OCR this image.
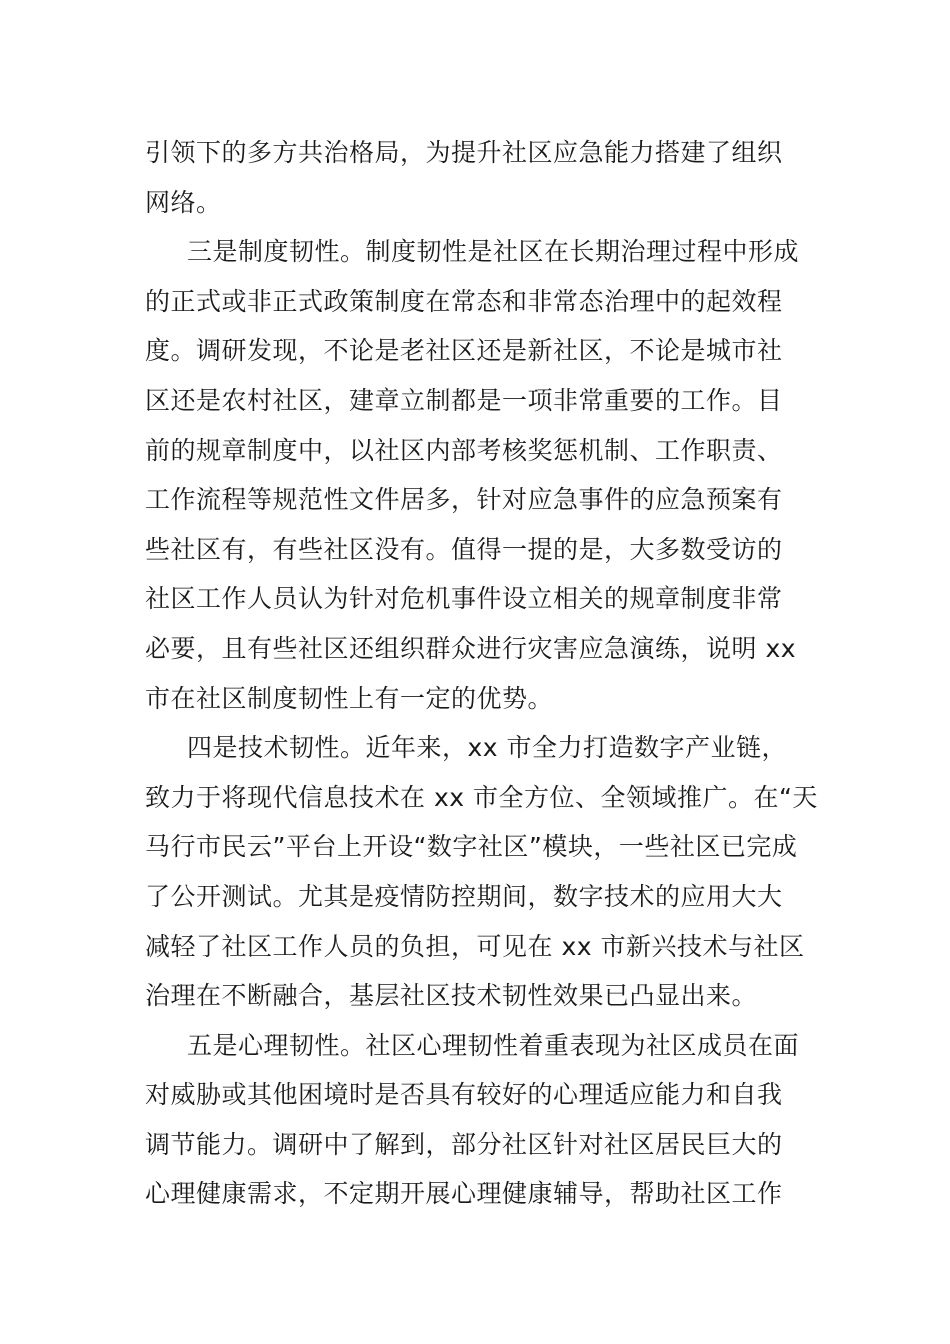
引领下的多方共治格局，为提升社区应急能力搭建了组织
网络。
三是制度韧性。制度韧性是社区在长期治理过程中形成
的正式或非正式政策制度在常态和非常态治理中的起效程
度。调研发现，不论是老社区还是新社区，不论是城市社
区还是农村社区，建章立制都是一项非常重要的工作。目
前的规章制度中，以社区内部考核奖惩机制、工作职责、
工作流程等规范性文件居多，针对应急事件的应急预案有
些社区有，有些社区没有。值得一提的是，大多数受访的
社区工作人员认为针对危机事件设立相关的规章制度非常
必要，且有些社区还组织群众进行灾害应急演练，说明 xx
市在社区制度韧性上有一定的优势。
四是技术韧性。近年来，xx 市全力打造数字产业链，
致力于将现代信息技术在 xx 市全方位、全领域推广。在“天
马行市民云”平台上开设“数字社区”模块，一些社区已完成
了公开测试。尤其是疫情防控期间，数字技术的应用大大
减轻了社区工作人员的负担，可见在 xx 市新兴技术与社区
治理在不断融合，基层社区技术韧性效果已凸显出来。
五是心理韧性。社区心理韧性着重表现为社区成员在面
对威胁或其他困境时是否具有较好的心理适应能力和自我
调节能力。调研中了解到，部分社区针对社区居民巨大的
心理健康需求，不定期开展心理健康辅导，帮助社区工作
